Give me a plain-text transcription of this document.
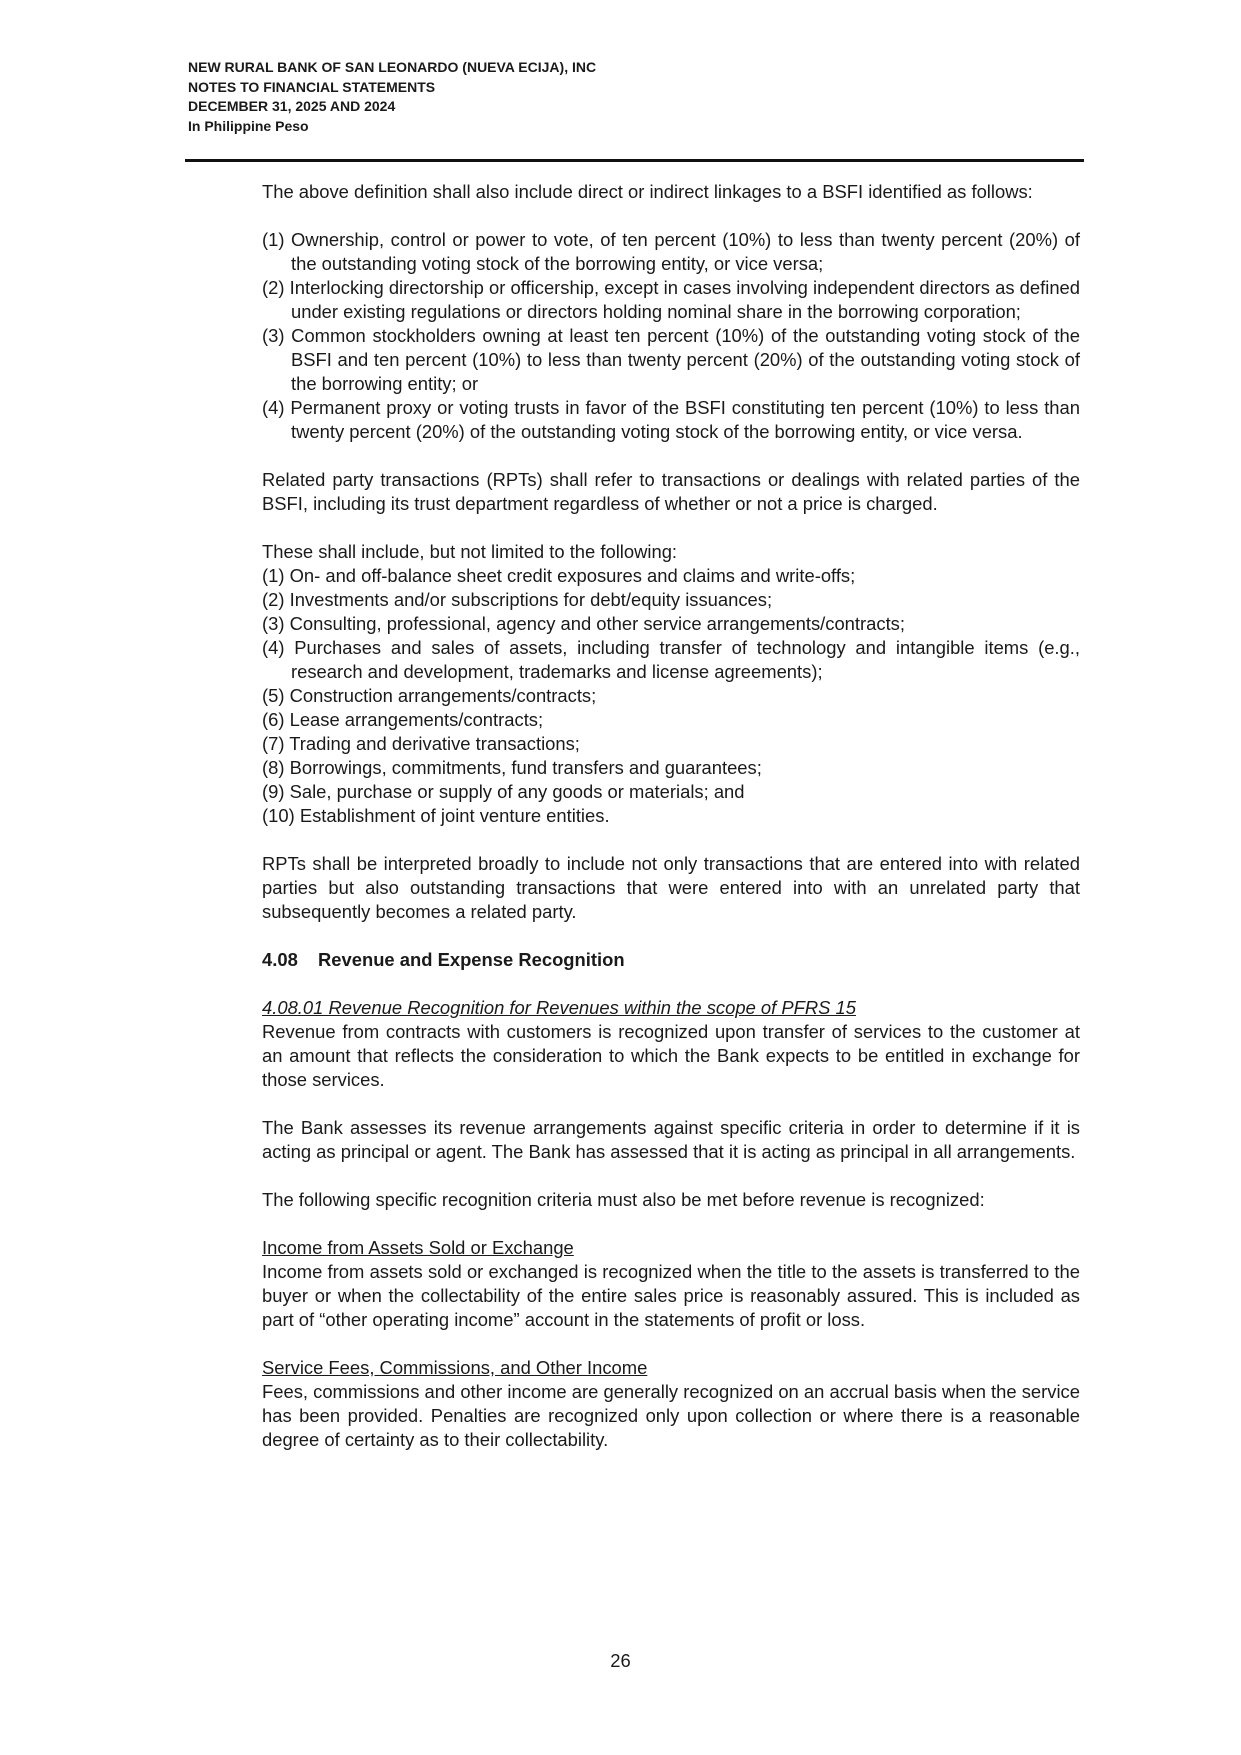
NEW RURAL BANK OF SAN LEONARDO (NUEVA ECIJA), INC
NOTES TO FINANCIAL STATEMENTS
DECEMBER 31, 2025 AND 2024
In Philippine Peso

The above definition shall also include direct or indirect linkages to a BSFI identified as follows:

(1) Ownership, control or power to vote, of ten percent (10%) to less than twenty percent (20%) of the outstanding voting stock of the borrowing entity, or vice versa;
(2) Interlocking directorship or officership, except in cases involving independent directors as defined under existing regulations or directors holding nominal share in the borrowing corporation;
(3) Common stockholders owning at least ten percent (10%) of the outstanding voting stock of the BSFI and ten percent (10%) to less than twenty percent (20%) of the outstanding voting stock of the borrowing entity; or
(4) Permanent proxy or voting trusts in favor of the BSFI constituting ten percent (10%) to less than twenty percent (20%) of the outstanding voting stock of the borrowing entity, or vice versa.

Related party transactions (RPTs) shall refer to transactions or dealings with related parties of the BSFI, including its trust department regardless of whether or not a price is charged.

These shall include, but not limited to the following:
(1) On- and off-balance sheet credit exposures and claims and write-offs;
(2) Investments and/or subscriptions for debt/equity issuances;
(3) Consulting, professional, agency and other service arrangements/contracts;
(4) Purchases and sales of assets, including transfer of technology and intangible items (e.g., research and development, trademarks and license agreements);
(5) Construction arrangements/contracts;
(6) Lease arrangements/contracts;
(7) Trading and derivative transactions;
(8) Borrowings, commitments, fund transfers and guarantees;
(9) Sale, purchase or supply of any goods or materials; and
(10) Establishment of joint venture entities.

RPTs shall be interpreted broadly to include not only transactions that are entered into with related parties but also outstanding transactions that were entered into with an unrelated party that subsequently becomes a related party.

4.08 Revenue and Expense Recognition
4.08.01 Revenue Recognition for Revenues within the scope of PFRS 15

Revenue from contracts with customers is recognized upon transfer of services to the customer at an amount that reflects the consideration to which the Bank expects to be entitled in exchange for those services.

The Bank assesses its revenue arrangements against specific criteria in order to determine if it is acting as principal or agent. The Bank has assessed that it is acting as principal in all arrangements.

The following specific recognition criteria must also be met before revenue is recognized:

Income from Assets Sold or Exchange

Income from assets sold or exchanged is recognized when the title to the assets is transferred to the buyer or when the collectability of the entire sales price is reasonably assured. This is included as part of “other operating income” account in the statements of profit or loss.

Service Fees, Commissions, and Other Income

Fees, commissions and other income are generally recognized on an accrual basis when the service has been provided. Penalties are recognized only upon collection or where there is a reasonable degree of certainty as to their collectability.

26
